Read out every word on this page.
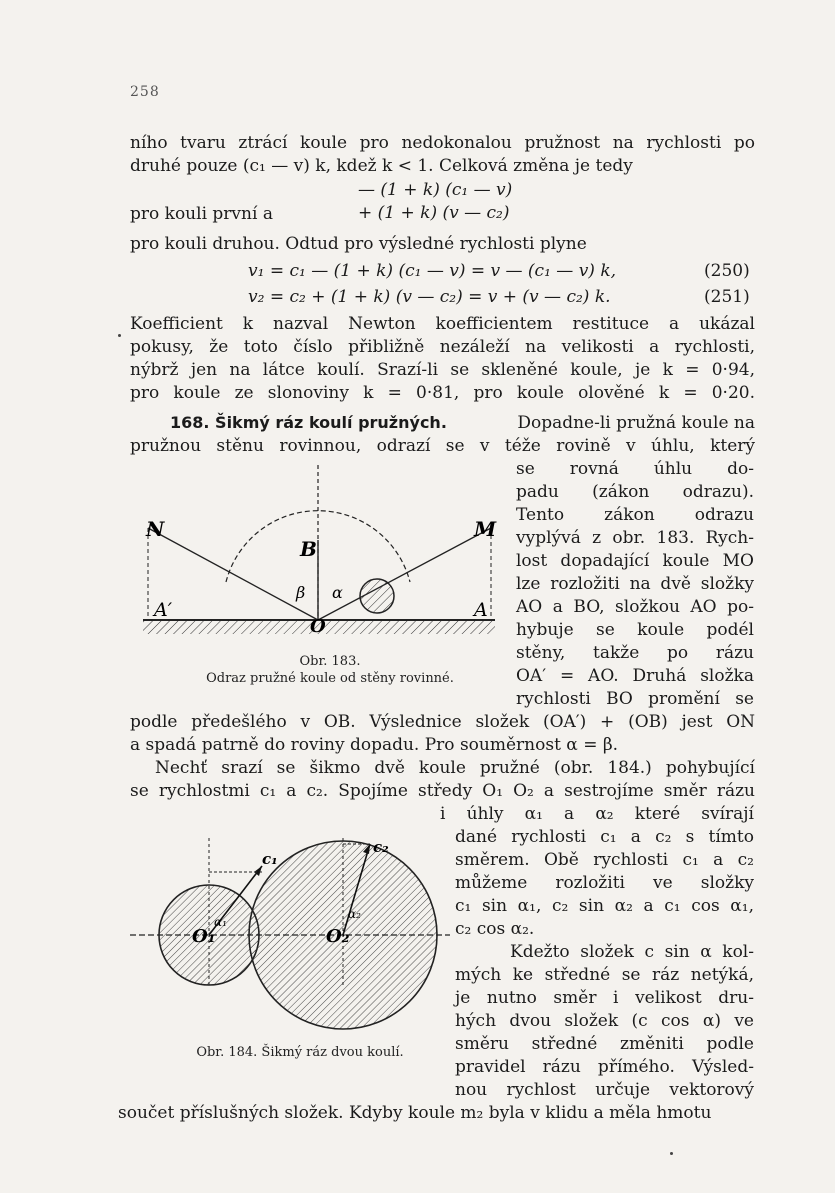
258
ního tvaru ztrácí koule pro nedokonalou pružnost na rychlosti po
druhé pouze (c₁ — v) k, kdež k < 1. Celková změna je tedy
— (1 + k) (c₁ — v)
pro kouli první a	+ (1 + k) (v — c₂)
pro kouli druhou. Odtud pro výsledné rychlosti plyne
v₁ = c₁ — (1 + k) (c₁ — v) = v — (c₁ — v) k,	(250)
v₂ = c₂ + (1 + k) (v — c₂) = v + (v — c₂) k.	(251)
Koefficient k nazval Newton koefficientem restituce a ukázal
pokusy, že toto číslo přibližně nezáleží na velikosti a rychlosti,
nýbrž jen na látce koulí. Srazí-li se skleněné koule, je k = 0·94,
pro koule ze slonoviny k = 0·81, pro koule olověné k = 0·20.
168. Šikmý ráz koulí pružných.	Dopadne-li pružná koule na
pružnou stěnu rovinnou, odrazí se v téže rovině v úhlu, který
se rovná úhlu do-
padu (zákon odrazu).
Tento zákon odrazu
vyplývá z obr. 183. Rych-
lost dopadající koule MO
lze rozložiti na dvě složky
AO a BO, složkou AO po-
hybuje se koule podél
stěny, takže po rázu
OA′ = AO. Druhá složka
rychlosti BO promění se
N	M
B
A′	A
O
β α
Obr. 183.
Odraz pružné koule od stěny rovinné.
podle předešlého v OB. Výslednice složek (OA′) + (OB) jest ON
a spadá patrně do roviny dopadu. Pro souměrnost α = β.
Nechť srazí se šikmo dvě koule pružné (obr. 184.) pohybující
se rychlostmi c₁ a c₂. Spojíme středy O₁ O₂ a sestrojíme směr rázu
i úhly α₁ a α₂ které svírají
dané rychlosti c₁ a c₂ s tímto
směrem. Obě rychlosti c₁ a c₂
můžeme rozložiti ve složky
c₁ sin α₁, c₂ sin α₂ a c₁ cos α₁,
c₂ cos α₂.
Kdežto složek c sin α kol-
mých ke středné se ráz netýká,
je nutno směr i velikost dru-
hých dvou složek (c cos α) ve
směru středné změniti podle
pravidel rázu přímého. Výsled-
nou rychlost určuje vektorový
c₁
c₂
O₁	O₂
α₁
α₂
Obr. 184. Šikmý ráz dvou koulí.
součet příslušných složek. Kdyby koule m₂ byla v klidu a měla hmotu
